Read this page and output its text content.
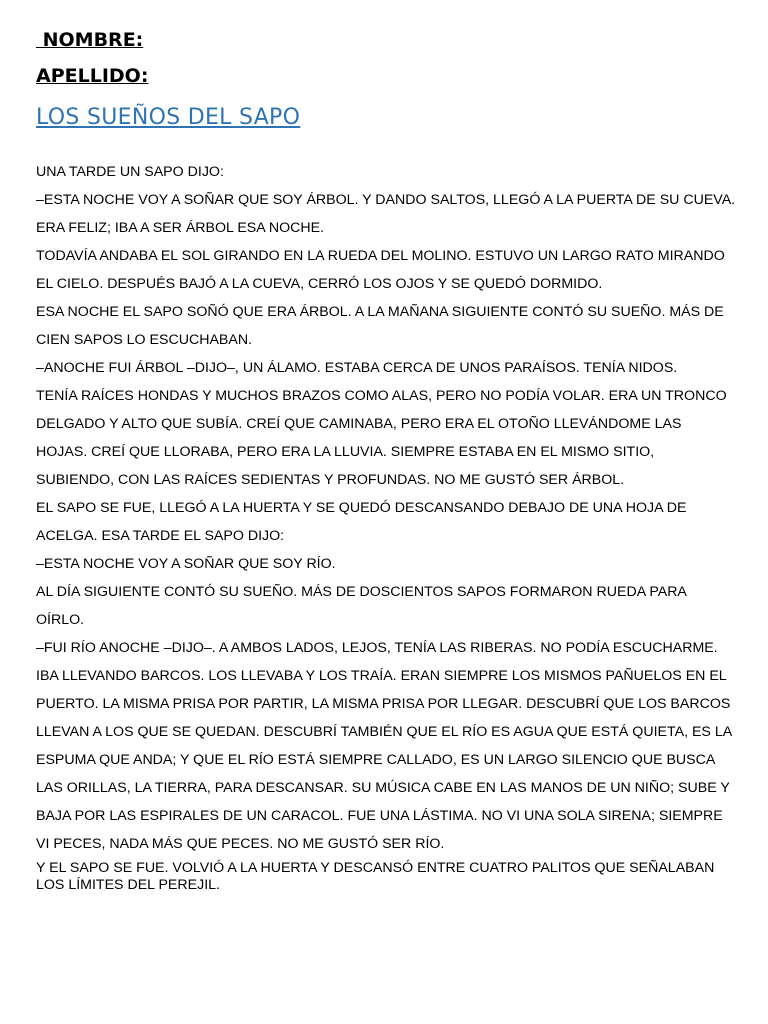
NOMBRE:
APELLIDO:
LOS SUEÑOS DEL SAPO

UNA TARDE UN SAPO DIJO:

–ESTA NOCHE VOY A SOÑAR QUE SOY ÁRBOL. Y DANDO SALTOS, LLEGÓ A LA PUERTA DE SU CUEVA.

ERA FELIZ; IBA A SER ÁRBOL ESA NOCHE.

TODAVÍA ANDABA EL SOL GIRANDO EN LA RUEDA DEL MOLINO. ESTUVO UN LARGO RATO MIRANDO EL CIELO. DESPUÉS BAJÓ A LA CUEVA, CERRÓ LOS OJOS Y SE QUEDÓ DORMIDO.

ESA NOCHE EL SAPO SOÑÓ QUE ERA ÁRBOL. A LA MAÑANA SIGUIENTE CONTÓ SU SUEÑO. MÁS DE CIEN SAPOS LO ESCUCHABAN.

–ANOCHE FUI ÁRBOL –DIJO–, UN ÁLAMO. ESTABA CERCA DE UNOS PARAÍSOS. TENÍA NIDOS.

TENÍA RAÍCES HONDAS Y MUCHOS BRAZOS COMO ALAS, PERO NO PODÍA VOLAR. ERA UN TRONCO DELGADO Y ALTO QUE SUBÍA. CREÍ QUE CAMINABA, PERO ERA EL OTOÑO LLEVÁNDOME LAS HOJAS. CREÍ QUE LLORABA, PERO ERA LA LLUVIA. SIEMPRE ESTABA EN EL MISMO SITIO, SUBIENDO, CON LAS RAÍCES SEDIENTAS Y PROFUNDAS. NO ME GUSTÓ SER ÁRBOL.

EL SAPO SE FUE, LLEGÓ A LA HUERTA Y SE QUEDÓ DESCANSANDO DEBAJO DE UNA HOJA DE ACELGA. ESA TARDE EL SAPO DIJO:

–ESTA NOCHE VOY A SOÑAR QUE SOY RÍO.

AL DÍA SIGUIENTE CONTÓ SU SUEÑO. MÁS DE DOSCIENTOS SAPOS FORMARON RUEDA PARA OÍRLO.

–FUI RÍO ANOCHE –DIJO–. A AMBOS LADOS, LEJOS, TENÍA LAS RIBERAS. NO PODÍA ESCUCHARME.

IBA LLEVANDO BARCOS. LOS LLEVABA Y LOS TRAÍA. ERAN SIEMPRE LOS MISMOS PAÑUELOS EN EL PUERTO. LA MISMA PRISA POR PARTIR, LA MISMA PRISA POR LLEGAR. DESCUBRÍ QUE LOS BARCOS LLEVAN A LOS QUE SE QUEDAN. DESCUBRÍ TAMBIÉN QUE EL RÍO ES AGUA QUE ESTÁ QUIETA, ES LA ESPUMA QUE ANDA; Y QUE EL RÍO ESTÁ SIEMPRE CALLADO, ES UN LARGO SILENCIO QUE BUSCA LAS ORILLAS, LA TIERRA, PARA DESCANSAR. SU MÚSICA CABE EN LAS MANOS DE UN NIÑO; SUBE Y BAJA POR LAS ESPIRALES DE UN CARACOL. FUE UNA LÁSTIMA. NO VI UNA SOLA SIRENA; SIEMPRE VI PECES, NADA MÁS QUE PECES. NO ME GUSTÓ SER RÍO.

Y EL SAPO SE FUE. VOLVIÓ A LA HUERTA Y DESCANSÓ ENTRE CUATRO PALITOS QUE SEÑALABAN LOS LÍMITES DEL PEREJIL.
